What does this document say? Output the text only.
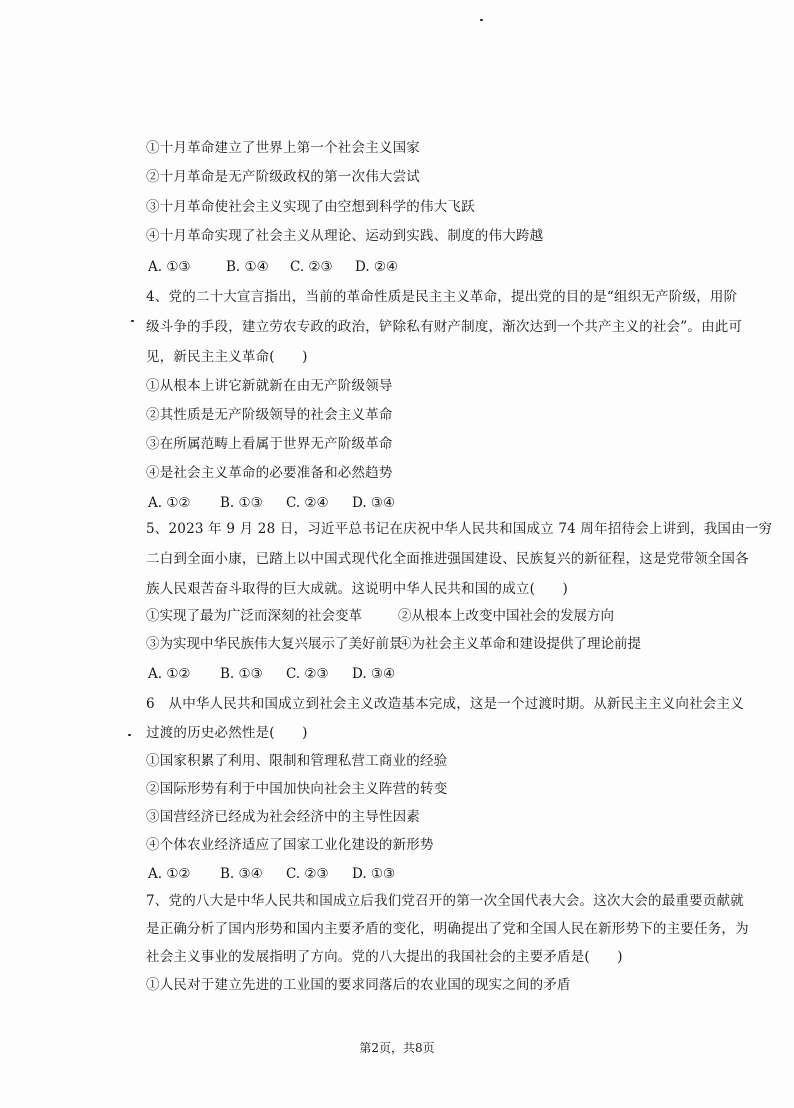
①十月革命建立了世界上第一个社会主义国家
②十月革命是无产阶级政权的第一次伟大尝试
③十月革命使社会主义实现了由空想到科学的伟大飞跃
④十月革命实现了社会主义从理论、运动到实践、制度的伟大跨越
A. ①③	B. ①④	C. ②③	D. ②④
4、党的二十大宣言指出，当前的革命性质是民主主义革命，提出党的目的是“组织无产阶级，用阶
级斗争的手段，建立劳农专政的政治，铲除私有财产制度，渐次达到一个共产主义的社会”。由此可
见，新民主主义革命(　　)
①从根本上讲它新就新在由无产阶级领导
②其性质是无产阶级领导的社会主义革命
③在所属范畴上看属于世界无产阶级革命
④是社会主义革命的必要准备和必然趋势
A. ①②	B. ①③	C. ②④	D. ③④
5、2023 年 9 月 28 日，习近平总书记在庆祝中华人民共和国成立 74 周年招待会上讲到，我国由一穷
二白到全面小康，已踏上以中国式现代化全面推进强国建设、民族复兴的新征程，这是党带领全国各
族人民艰苦奋斗取得的巨大成就。这说明中华人民共和国的成立(　　)
①实现了最为广泛而深刻的社会变革	②从根本上改变中国社会的发展方向
③为实现中华民族伟大复兴展示了美好前景
④为社会主义革命和建设提供了理论前提
A. ①②	B. ①③	C. ②③	D. ③④
6　从中华人民共和国成立到社会主义改造基本完成，这是一个过渡时期。从新民主主义向社会主义
过渡的历史必然性是(　　)
①国家积累了利用、限制和管理私营工商业的经验
②国际形势有利于中国加快向社会主义阵营的转变
③国营经济已经成为社会经济中的主导性因素
④个体农业经济适应了国家工业化建设的新形势
A. ①②	B. ③④	C. ②③	D. ①③
7、党的八大是中华人民共和国成立后我们党召开的第一次全国代表大会。这次大会的最重要贡献就
是正确分析了国内形势和国内主要矛盾的变化，明确提出了党和全国人民在新形势下的主要任务，为
社会主义事业的发展指明了方向。党的八大提出的我国社会的主要矛盾是(　　)
①人民对于建立先进的工业国的要求同落后的农业国的现实之间的矛盾
第2页，共8页
